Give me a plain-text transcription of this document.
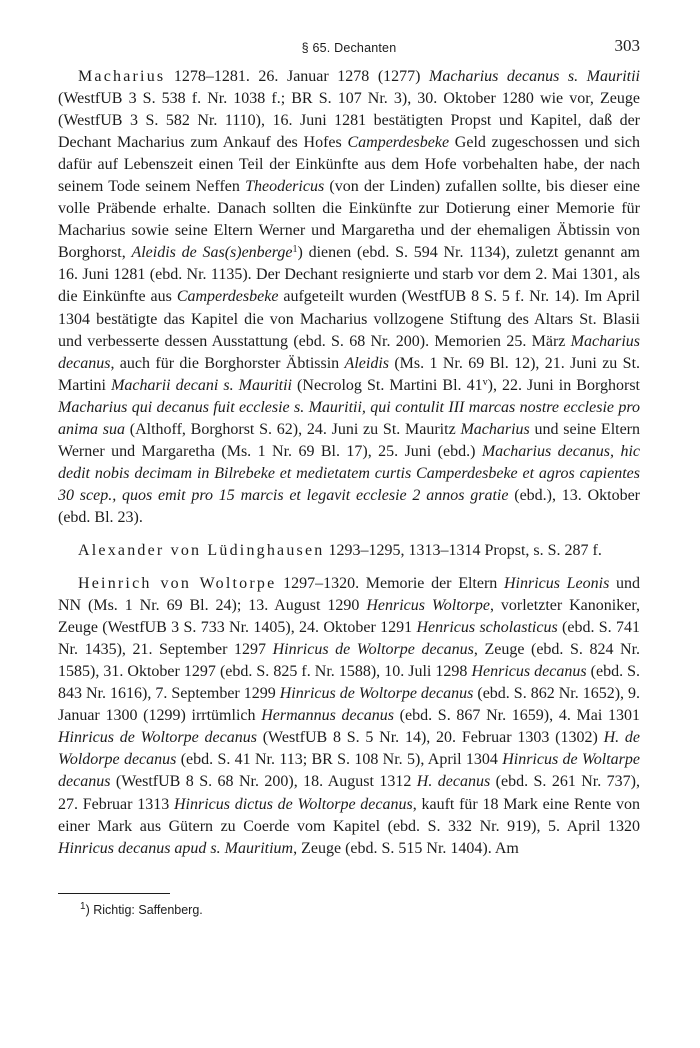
§ 65. Dechanten	303

Macharius 1278–1281. 26. Januar 1278 (1277) Macharius decanus s. Mauritii (WestfUB 3 S. 538 f. Nr. 1038 f.; BR S. 107 Nr. 3), 30. Oktober 1280 wie vor, Zeuge (WestfUB 3 S. 582 Nr. 1110), 16. Juni 1281 bestätigten Propst und Kapitel, daß der Dechant Macharius zum Ankauf des Hofes Camperdesbeke Geld zugeschossen und sich dafür auf Lebenszeit einen Teil der Einkünfte aus dem Hofe vorbehalten habe, der nach seinem Tode seinem Neffen Theodericus (von der Linden) zufallen sollte, bis dieser eine volle Präbende erhalte. Danach sollten die Einkünfte zur Dotierung einer Memorie für Macharius sowie seine Eltern Werner und Margaretha und der ehemaligen Äbtissin von Borghorst, Aleidis de Sas(s)enberge$^1$) dienen (ebd. S. 594 Nr. 1134), zuletzt genannt am 16. Juni 1281 (ebd. Nr. 1135). Der Dechant resignierte und starb vor dem 2. Mai 1301, als die Einkünfte aus Camperdesbeke aufgeteilt wurden (WestfUB 8 S. 5 f. Nr. 14). Im April 1304 bestätigte das Kapitel die von Macharius vollzogene Stiftung des Altars St. Blasii und verbesserte dessen Ausstattung (ebd. S. 68 Nr. 200). Memorien 25. März Macharius decanus, auch für die Borghorster Äbtissin Aleidis (Ms. 1 Nr. 69 Bl. 12), 21. Juni zu St. Martini Macharii decani s. Mauritii (Necrolog St. Martini Bl. 41$^v$), 22. Juni in Borghorst Macharius qui decanus fuit ecclesie s. Mauritii, qui contulit III marcas nostre ecclesie pro anima sua (Althoff, Borghorst S. 62), 24. Juni zu St. Mauritz Macharius und seine Eltern Werner und Margaretha (Ms. 1 Nr. 69 Bl. 17), 25. Juni (ebd.) Macharius decanus, hic dedit nobis decimam in Bilrebeke et medietatem curtis Camperdesbeke et agros capientes 30 scep., quos emit pro 15 marcis et legavit ecclesie 2 annos gratie (ebd.), 13. Oktober (ebd. Bl. 23).

Alexander von Lüdinghausen 1293–1295, 1313–1314 Propst, s. S. 287 f.

Heinrich von Woltorpe 1297–1320. Memorie der Eltern Hinricus Leonis und NN (Ms. 1 Nr. 69 Bl. 24); 13. August 1290 Henricus Woltorpe, vorletzter Kanoniker, Zeuge (WestfUB 3 S. 733 Nr. 1405), 24. Oktober 1291 Henricus scholasticus (ebd. S. 741 Nr. 1435), 21. September 1297 Hinricus de Woltorpe decanus, Zeuge (ebd. S. 824 Nr. 1585), 31. Oktober 1297 (ebd. S. 825 f. Nr. 1588), 10. Juli 1298 Henricus decanus (ebd. S. 843 Nr. 1616), 7. September 1299 Hinricus de Woltorpe decanus (ebd. S. 862 Nr. 1652), 9. Januar 1300 (1299) irrtümlich Hermannus decanus (ebd. S. 867 Nr. 1659), 4. Mai 1301 Hinricus de Woltorpe decanus (WestfUB 8 S. 5 Nr. 14), 20. Februar 1303 (1302) H. de Woldorpe decanus (ebd. S. 41 Nr. 113; BR S. 108 Nr. 5), April 1304 Hinricus de Woltarpe decanus (WestfUB 8 S. 68 Nr. 200), 18. August 1312 H. decanus (ebd. S. 261 Nr. 737), 27. Februar 1313 Hinricus dictus de Woltorpe decanus, kauft für 18 Mark eine Rente von einer Mark aus Gütern zu Coerde vom Kapitel (ebd. S. 332 Nr. 919), 5. April 1320 Hinricus decanus apud s. Mauritium, Zeuge (ebd. S. 515 Nr. 1404). Am

$^1$) Richtig: Saffenberg.
